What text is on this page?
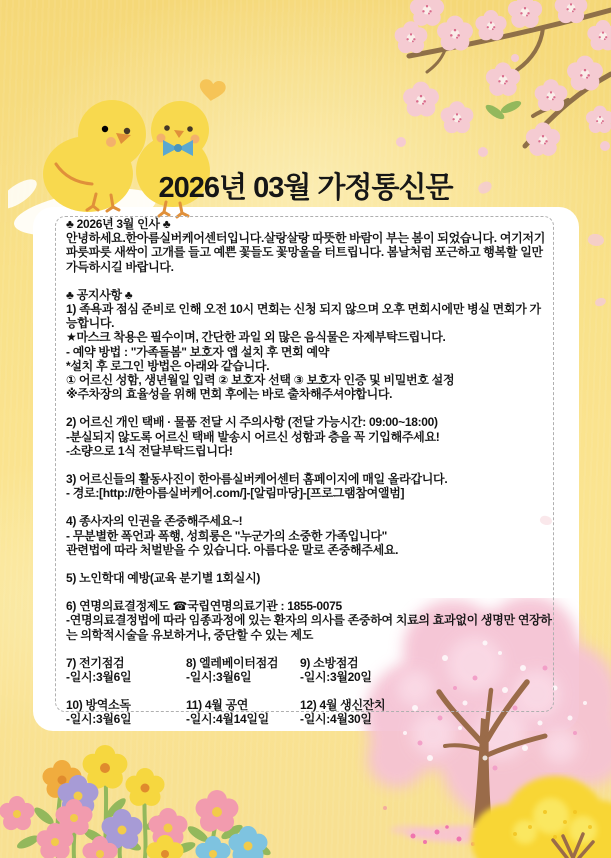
2026년 03월 가정통신문
♣ 2026년 3월 인사 ♣
안녕하세요.한아름실버케어센터입니다.살랑살랑 따뜻한 바람이 부는 봄이 되었습니다. 여기저기 파릇파릇 새싹이 고개를 들고 예쁜 꽃들도 꽃망울을 터트립니다. 봄날처럼 포근하고 행복할 일만 가득하시길 바랍니다.
♣ 공지사항 ♣
1) 족욕과 점심 준비로 인해 오전 10시 면회는 신청 되지 않으며 오후 면회시에만 병실 면회가 가능합니다.
★마스크 착용은 필수이며, 간단한 과일 외 많은 음식물은 자제부탁드립니다.
- 예약 방법 : "가족돌봄" 보호자 앱 설치 후 면회 예약
*설치 후 로그인 방법은 아래와 같습니다.
① 어르신 성함, 생년월일 입력 ② 보호자 선택 ③ 보호자 인증 및 비밀번호 설정
※주차장의 효율성을 위해 면회 후에는 바로 출차해주셔야합니다.
2) 어르신 개인 택배 · 물품 전달 시 주의사항 (전달 가능시간: 09:00~18:00)
-분실되지 않도록 어르신 택배 발송시 어르신 성함과 층을 꼭 기입해주세요!
-소량으로 1식 전달부탁드립니다!
3) 어르신들의 활동사진이 한아름실버케어센터 홈페이지에 매일 올라갑니다.
- 경로:[http://한아름실버케어.com/]-[알림마당]-[프로그램참여앨범]
4) 종사자의 인권을 존중해주세요~!
- 무분별한 폭언과 폭행, 성희롱은 "누군가의 소중한 가족입니다"
관련법에 따라 처벌받을 수 있습니다. 아름다운 말로 존중해주세요.
5) 노인학대 예방(교육 분기별 1회실시)
6) 연명의료결정제도 ☎국립연명의료기관 : 1855-0075
-연명의료결정법에 따라 임종과정에 있는 환자의 의사를 존중하여 치료의 효과없이 생명만 연장하는 의학적시술을 유보하거나, 중단할 수 있는 제도
7) 전기점검
-일시:3월6일
8) 엘레베이터점검
-일시:3월6일
9) 소방점검
-일시:3월20일
10) 방역소독
-일시:3월6일
11) 4월 공연
-일시:4월14일일
12) 4월 생신잔치
-일시:4월30일
